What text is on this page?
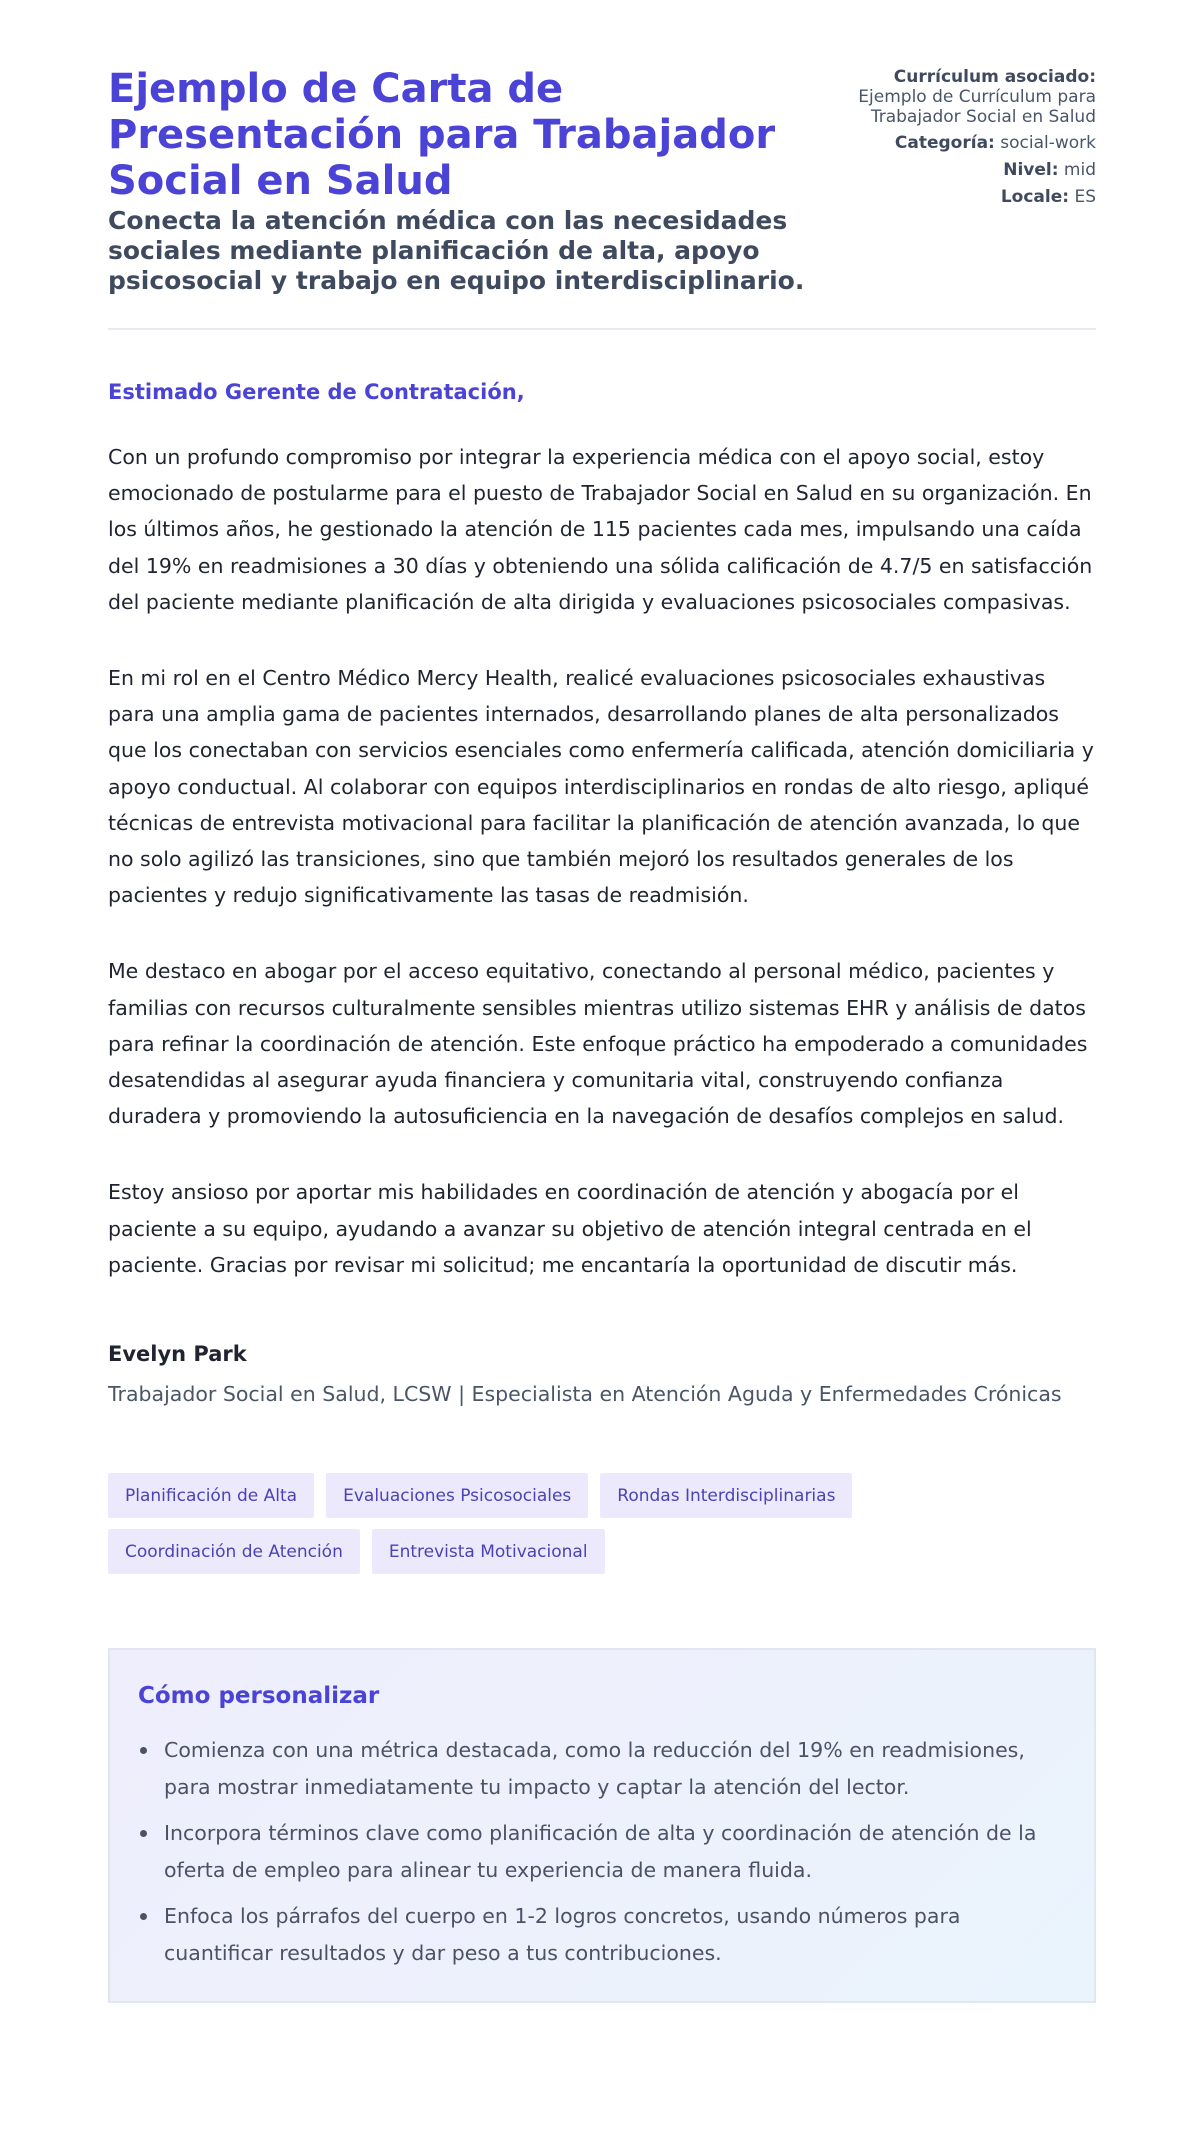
Ejemplo de Carta de Presentación para Trabajador Social en Salud
Conecta la atención médica con las necesidades sociales mediante planificación de alta, apoyo psicosocial y trabajo en equipo interdisciplinario.
Currículum asociado:
Ejemplo de Currículum para Trabajador Social en Salud
Categoría: social-work
Nivel: mid
Locale: ES

Estimado Gerente de Contratación,

Con un profundo compromiso por integrar la experiencia médica con el apoyo social, estoy emocionado de postularme para el puesto de Trabajador Social en Salud en su organización. En los últimos años, he gestionado la atención de 115 pacientes cada mes, impulsando una caída del 19% en readmisiones a 30 días y obteniendo una sólida calificación de 4.7/5 en satisfacción del paciente mediante planificación de alta dirigida y evaluaciones psicosociales compasivas.

En mi rol en el Centro Médico Mercy Health, realicé evaluaciones psicosociales exhaustivas para una amplia gama de pacientes internados, desarrollando planes de alta personalizados que los conectaban con servicios esenciales como enfermería calificada, atención domiciliaria y apoyo conductual. Al colaborar con equipos interdisciplinarios en rondas de alto riesgo, apliqué técnicas de entrevista motivacional para facilitar la planificación de atención avanzada, lo que no solo agilizó las transiciones, sino que también mejoró los resultados generales de los pacientes y redujo significativamente las tasas de readmisión.

Me destaco en abogar por el acceso equitativo, conectando al personal médico, pacientes y familias con recursos culturalmente sensibles mientras utilizo sistemas EHR y análisis de datos para refinar la coordinación de atención. Este enfoque práctico ha empoderado a comunidades desatendidas al asegurar ayuda financiera y comunitaria vital, construyendo confianza duradera y promoviendo la autosuficiencia en la navegación de desafíos complejos en salud.

Estoy ansioso por aportar mis habilidades en coordinación de atención y abogacía por el paciente a su equipo, ayudando a avanzar su objetivo de atención integral centrada en el paciente. Gracias por revisar mi solicitud; me encantaría la oportunidad de discutir más.

Evelyn Park
Trabajador Social en Salud, LCSW | Especialista en Atención Aguda y Enfermedades Crónicas
Planificación de Alta	Evaluaciones Psicosociales	Rondas Interdisciplinarias
Coordinación de Atención	Entrevista Motivacional
Cómo personalizar
Comienza con una métrica destacada, como la reducción del 19% en readmisiones, para mostrar inmediatamente tu impacto y captar la atención del lector.
Incorpora términos clave como planificación de alta y coordinación de atención de la oferta de empleo para alinear tu experiencia de manera fluida.
Enfoca los párrafos del cuerpo en 1-2 logros concretos, usando números para cuantificar resultados y dar peso a tus contribuciones.
